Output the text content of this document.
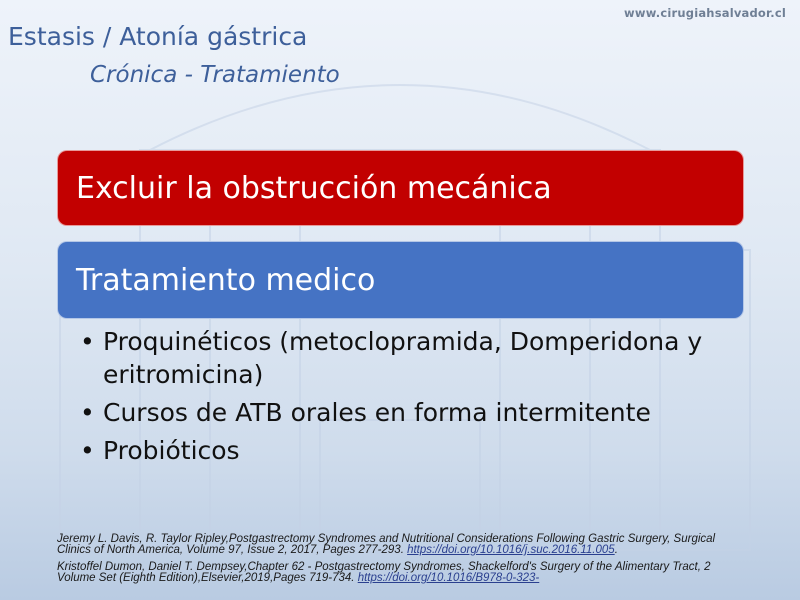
www.cirugiahsalvador.cl
Estasis / Atonía gástrica
Crónica - Tratamiento
Excluir la obstrucción mecánica
Tratamiento medico
• Proquinéticos (metoclopramida, Domperidona y eritromicina)
• Cursos de ATB orales en forma intermitente
• Probióticos

Jeremy L. Davis, R. Taylor Ripley,Postgastrectomy Syndromes and Nutritional Considerations Following Gastric Surgery, Surgical Clinics of North America, Volume 97, Issue 2, 2017, Pages 277-293. https://doi.org/10.1016/j.suc.2016.11.005.

Kristoffel Dumon, Daniel T. Dempsey,Chapter 62 - Postgastrectomy Syndromes, Shackelford's Surgery of the Alimentary Tract, 2 Volume Set (Eighth Edition),Elsevier,2019,Pages 719-734. https://doi.org/10.1016/B978-0-323-
